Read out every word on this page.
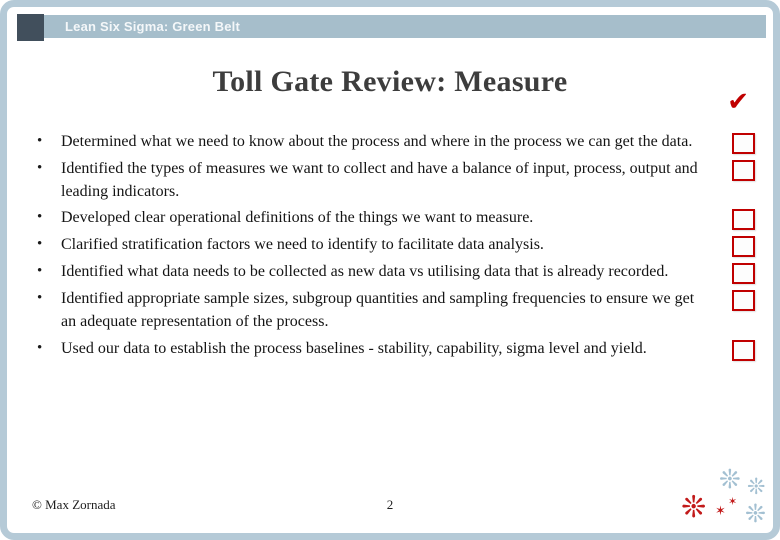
Lean Six Sigma: Green Belt
Toll Gate Review: Measure
✔
•	Determined what we need to know about the process and where in the process we can get the data.
•	Identified the types of measures we want to collect and have a balance of input, process, output and leading indicators.
•	Developed clear operational definitions of the things we want to measure.
•	Clarified stratification factors we need to identify to facilitate data analysis.
•	Identified what data needs to be collected as new data vs utilising data that is already recorded.
•	Identified appropriate sample sizes, subgroup quantities and sampling frequencies to ensure we get an adequate representation of the process.
•	Used our data to establish the process baselines - stability, capability, sigma level and yield.
© Max Zornada	2
❊ ❊
❊ ✶
✶ ❊
